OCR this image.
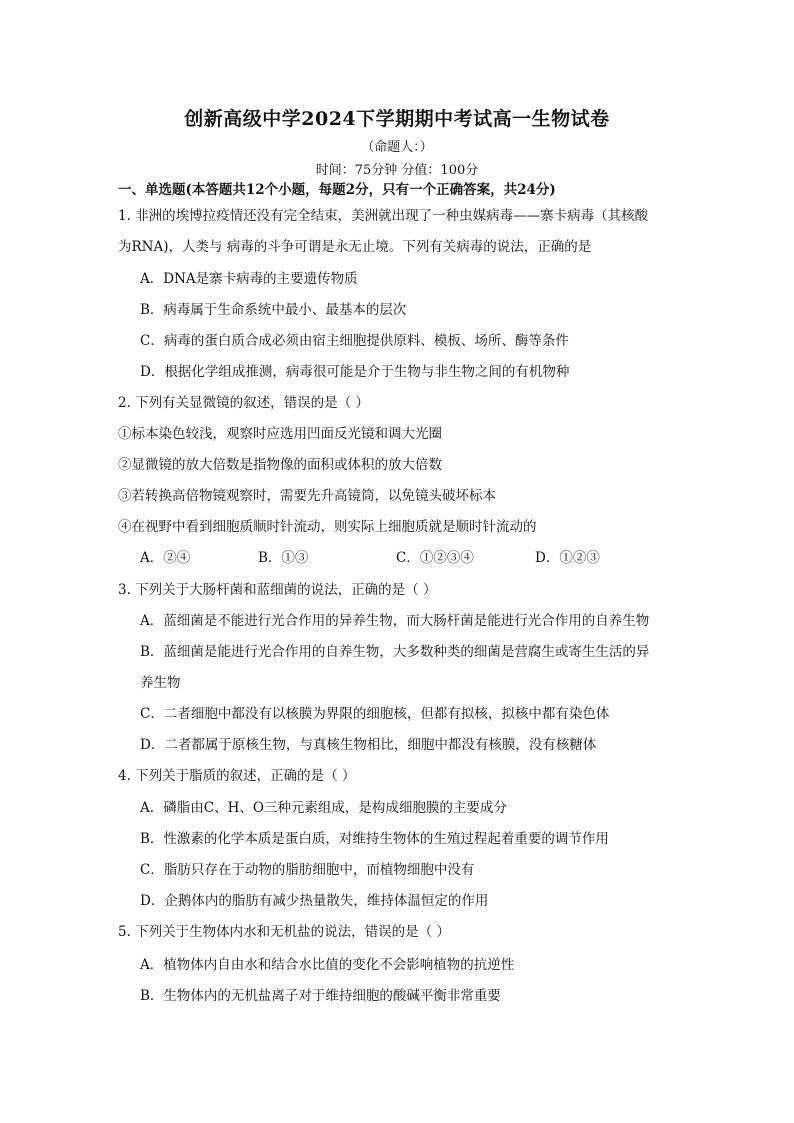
创新高级中学2024下学期期中考试高一生物试卷
（命题人：）
时间：75分钟 分值：100分
一、单选题(本答题共12个小题，每题2分，只有一个正确答案，共24分)
1. 非洲的埃博拉疫情还没有完全结束，美洲就出现了一种虫媒病毒——寨卡病毒（其核酸
为RNA)，人类与 病毒的斗争可谓是永无止境。下列有关病毒的说法，正确的是
A．DNA是寨卡病毒的主要遗传物质
B．病毒属于生命系统中最小、最基本的层次
C．病毒的蛋白质合成必须由宿主细胞提供原料、模板、场所、酶等条件
D．根据化学组成推测，病毒很可能是介于生物与非生物之间的有机物种
2. 下列有关显微镜的叙述，错误的是（ ）
①标本染色较浅，观察时应选用凹面反光镜和调大光圈
②显微镜的放大倍数是指物像的面积或体积的放大倍数
③若转换高倍物镜观察时，需要先升高镜筒，以免镜头破坏标本
④在视野中看到细胞质顺时针流动，则实际上细胞质就是顺时针流动的
A．②④	B．①③	C．①②③④	D．①②③
3. 下列关于大肠杆菌和蓝细菌的说法，正确的是（ ）
A．蓝细菌是不能进行光合作用的异养生物，而大肠杆菌是能进行光合作用的自养生物
B．蓝细菌是能进行光合作用的自养生物，大多数种类的细菌是营腐生或寄生生活的异
养生物
C．二者细胞中都没有以核膜为界限的细胞核，但都有拟核，拟核中都有染色体
D．二者都属于原核生物，与真核生物相比，细胞中都没有核膜，没有核糖体
4. 下列关于脂质的叙述，正确的是（ ）
A．磷脂由C、H、O三种元素组成，是构成细胞膜的主要成分
B．性激素的化学本质是蛋白质，对维持生物体的生殖过程起着重要的调节作用
C．脂肪只存在于动物的脂肪细胞中，而植物细胞中没有
D．企鹅体内的脂肪有减少热量散失，维持体温恒定的作用
5. 下列关于生物体内水和无机盐的说法，错误的是（ ）
A．植物体内自由水和结合水比值的变化不会影响植物的抗逆性
B．生物体内的无机盐离子对于维持细胞的酸碱平衡非常重要
